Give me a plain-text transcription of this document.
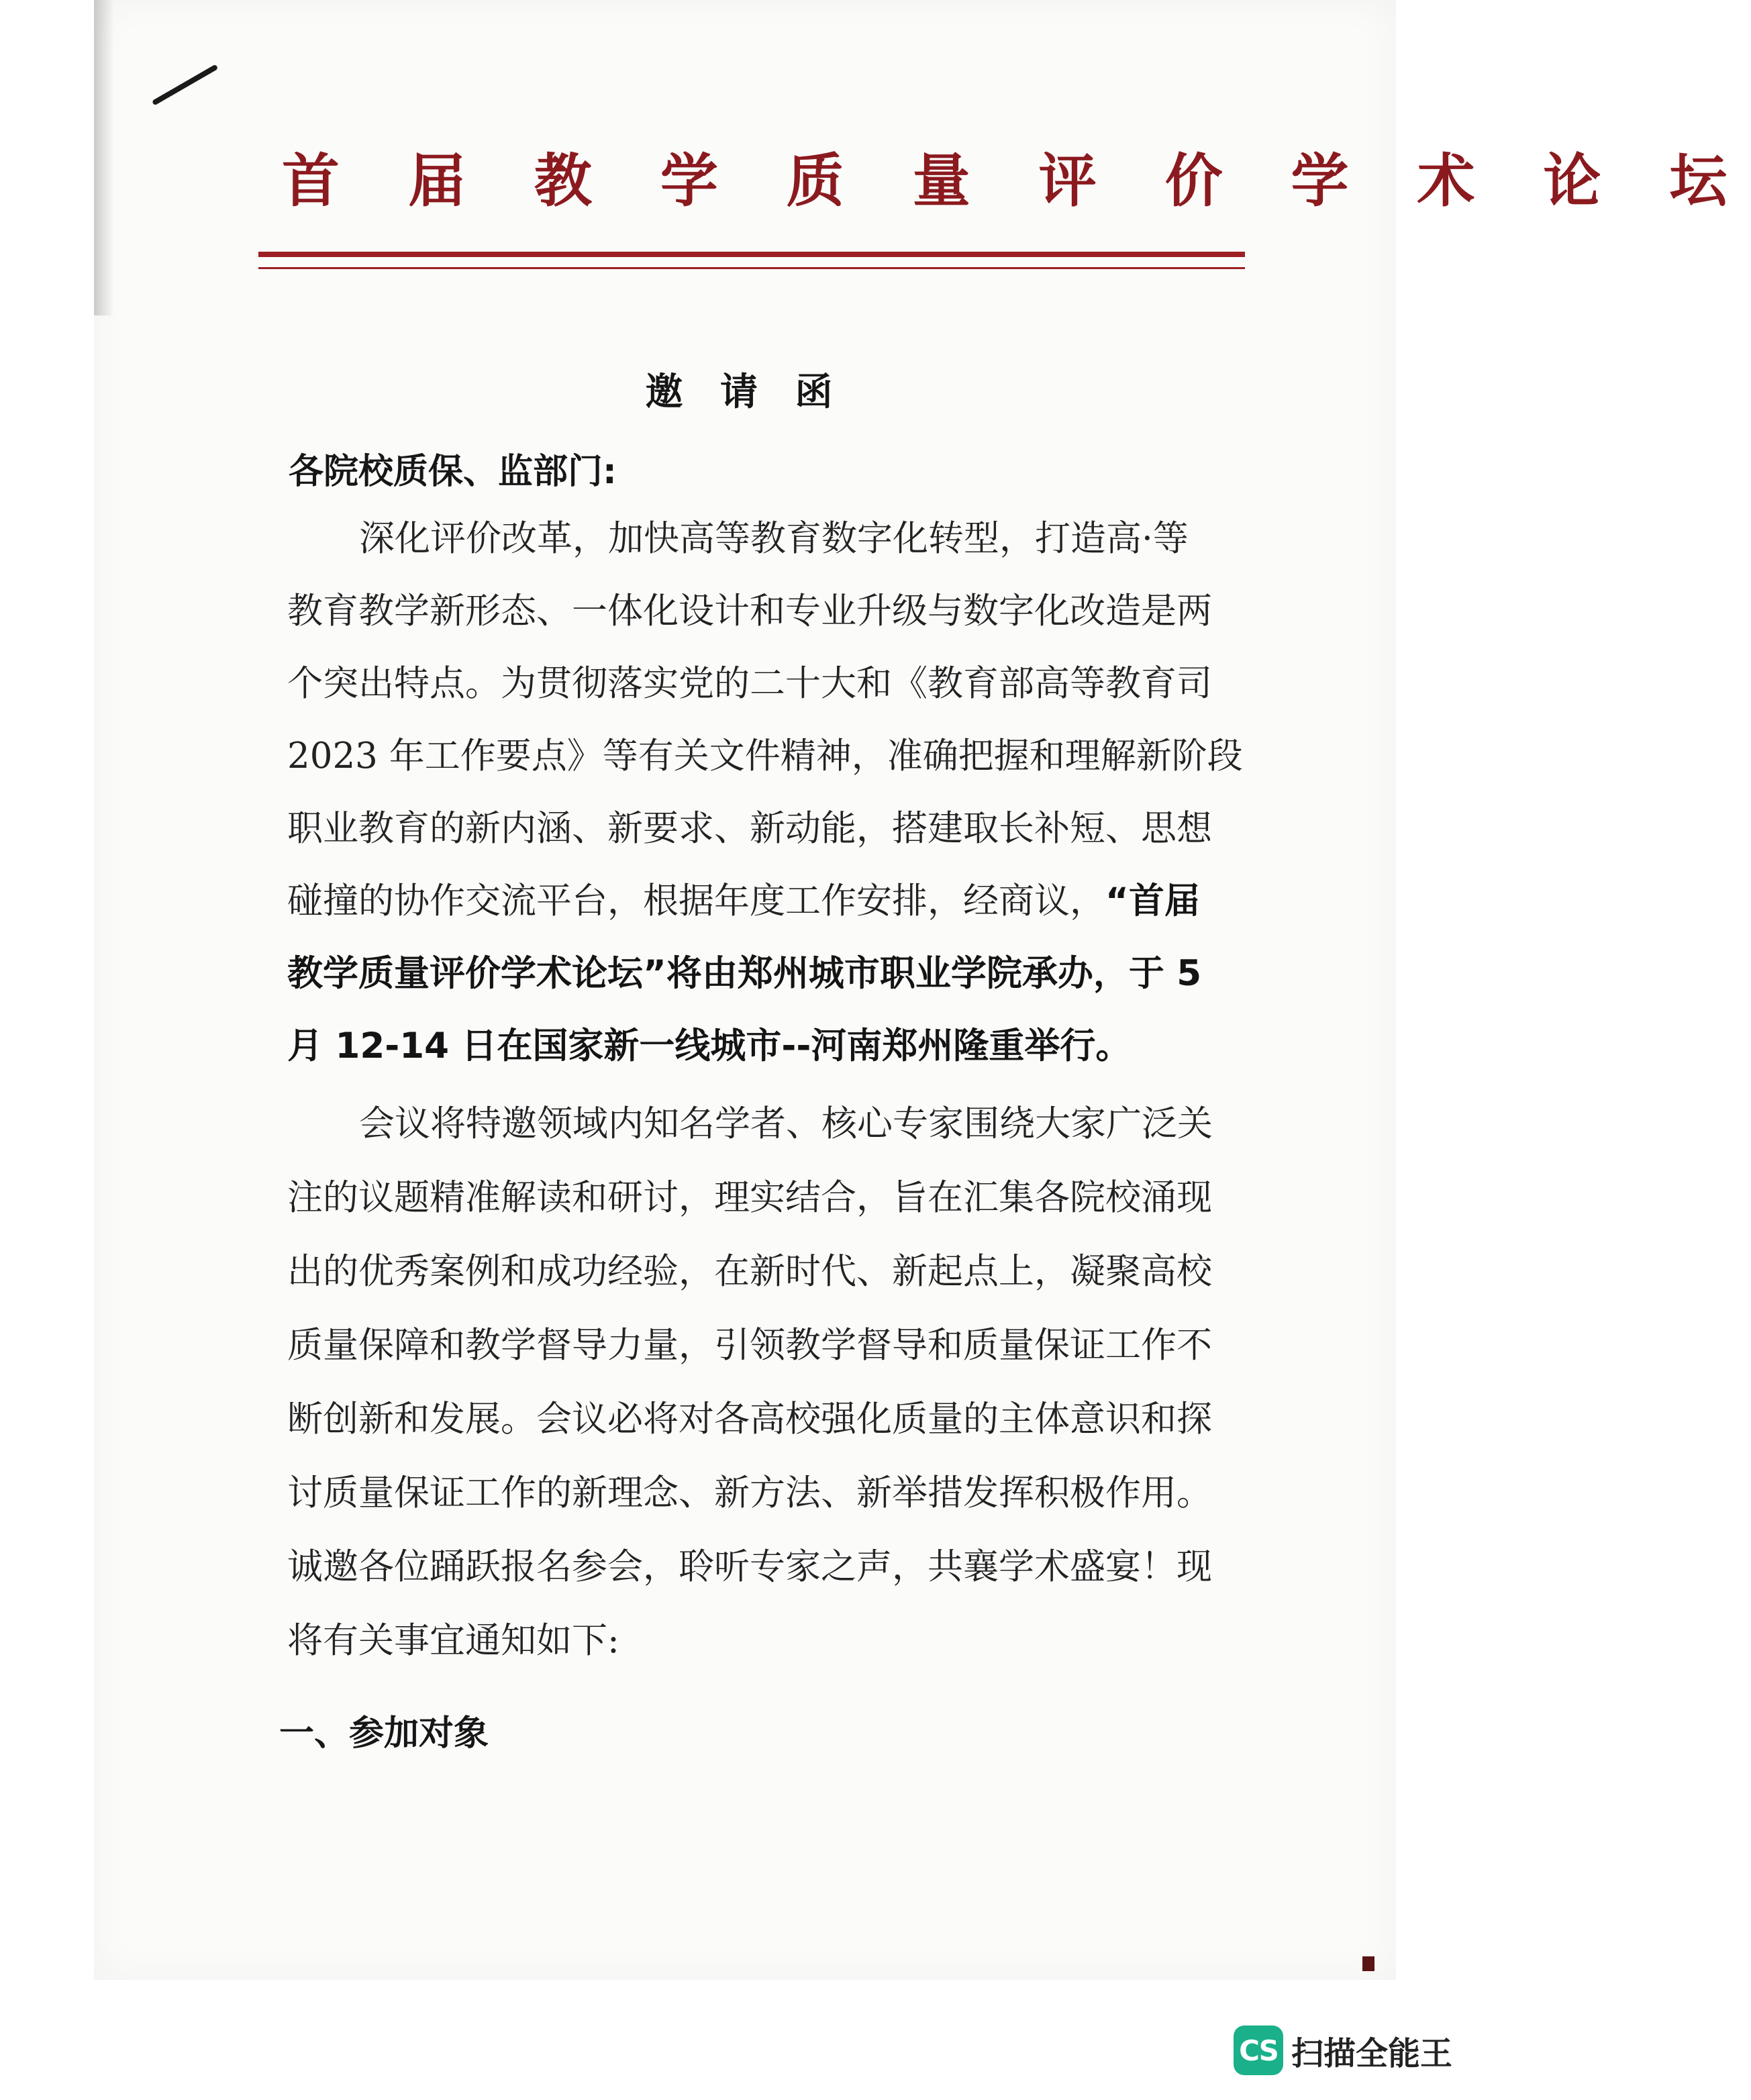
首 届 教 学 质 量 评 价 学 术 论 坛
邀 请 函
各院校质保、监部门:
深化评价改革，加快高等教育数字化转型，打造高·等
教育教学新形态、一体化设计和专业升级与数字化改造是两
个突出特点。为贯彻落实党的二十大和《教育部高等教育司
2023 年工作要点》等有关文件精神，准确把握和理解新阶段
职业教育的新内涵、新要求、新动能，搭建取长补短、思想
碰撞的协作交流平台，根据年度工作安排，经商议，“首届
教学质量评价学术论坛”将由郑州城市职业学院承办，于 5
月 12-14 日在国家新一线城市--河南郑州隆重举行。
会议将特邀领域内知名学者、核心专家围绕大家广泛关
注的议题精准解读和研讨，理实结合，旨在汇集各院校涌现
出的优秀案例和成功经验，在新时代、新起点上，凝聚高校
质量保障和教学督导力量，引领教学督导和质量保证工作不
断创新和发展。会议必将对各高校强化质量的主体意识和探
讨质量保证工作的新理念、新方法、新举措发挥积极作用。
诚邀各位踊跃报名参会，聆听专家之声，共襄学术盛宴！现
将有关事宜通知如下:
一、参加对象
CS 扫描全能王
